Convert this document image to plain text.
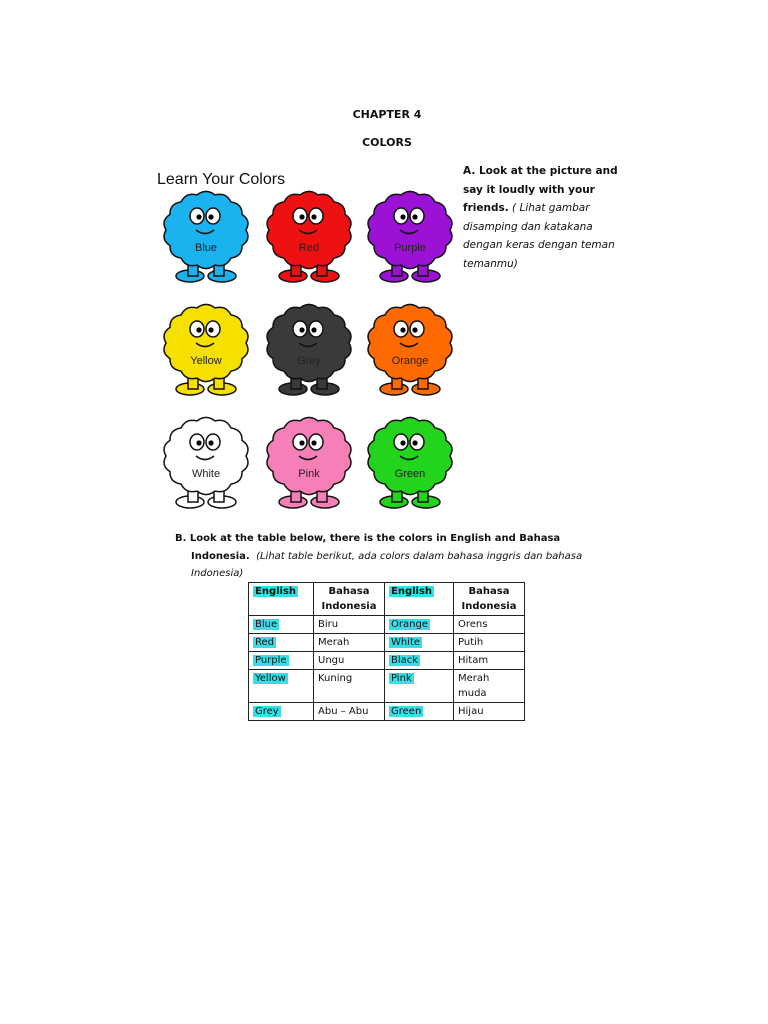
CHAPTER 4
COLORS
Learn Your Colors
Blue	Red	Purple
Yellow	Grey	Orange
White	Pink	Green
A. Look at the picture and say it loudly with your friends. ( Lihat gambar disamping dan katakana dengan keras dengan teman temanmu)
B. Look at the table below, there is the colors in English and Bahasa
Indonesia. (Lihat table berikut, ada colors dalam bahasa inggris dan bahasa
Indonesia)
English	Bahasa Indonesia	English	Bahasa Indonesia
Blue	Biru	Orange	Orens
Red	Merah	White	Putih
Purple	Ungu	Black	Hitam
Yellow	Kuning	Pink	Merah muda
Grey	Abu – Abu	Green	Hijau
